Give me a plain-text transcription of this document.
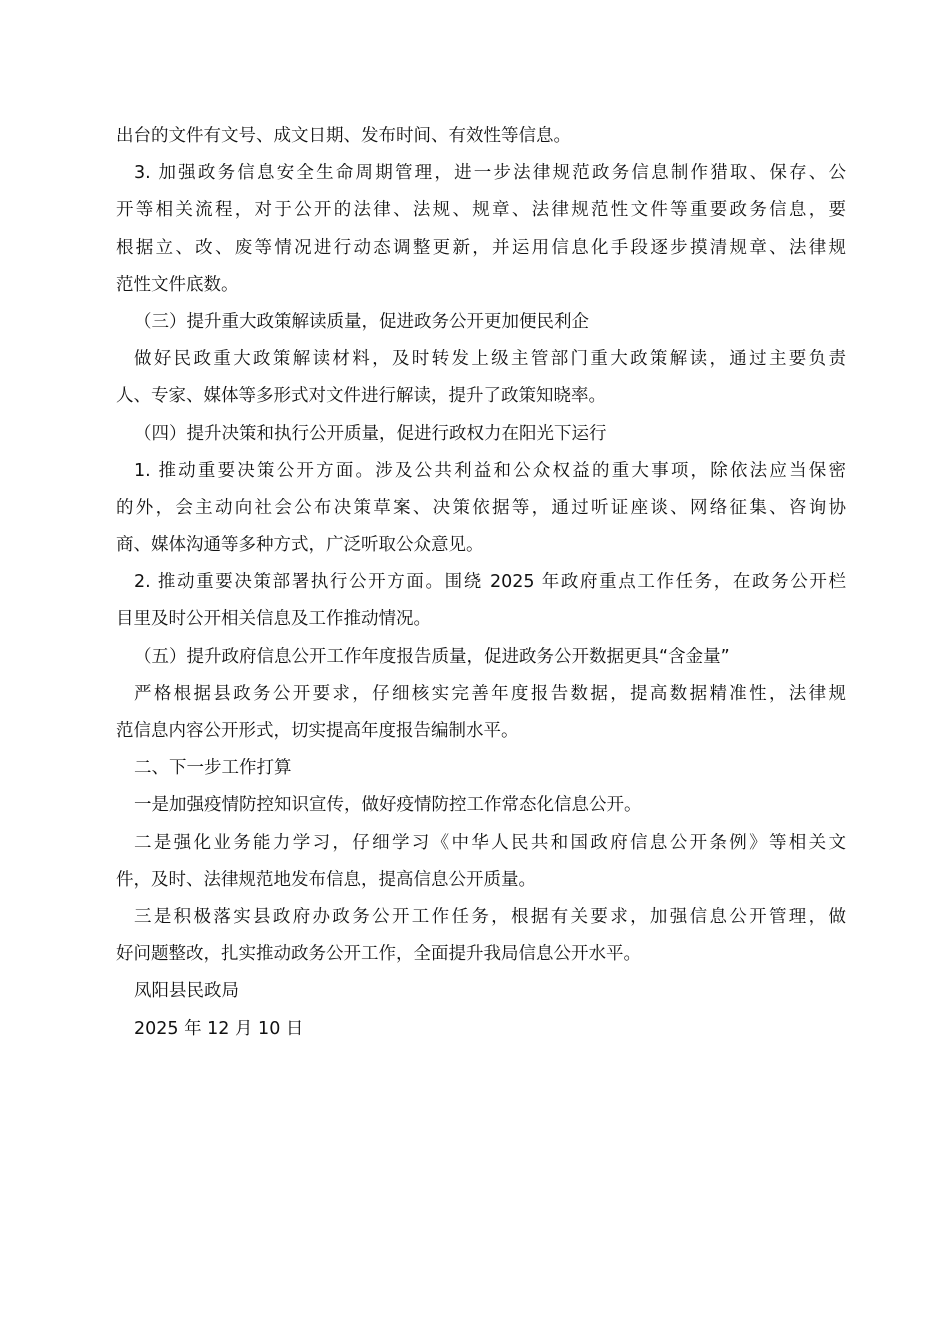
出台的文件有文号、成文日期、发布时间、有效性等信息。
3. 加强政务信息安全生命周期管理，进一步法律规范政务信息制作猎取、保存、公
开等相关流程，对于公开的法律、法规、规章、法律规范性文件等重要政务信息，要
根据立、改、废等情况进行动态调整更新，并运用信息化手段逐步摸清规章、法律规
范性文件底数。
（三）提升重大政策解读质量，促进政务公开更加便民利企
做好民政重大政策解读材料，及时转发上级主管部门重大政策解读，通过主要负责
人、专家、媒体等多形式对文件进行解读，提升了政策知晓率。
（四）提升决策和执行公开质量，促进行政权力在阳光下运行
1. 推动重要决策公开方面。涉及公共利益和公众权益的重大事项，除依法应当保密
的外，会主动向社会公布决策草案、决策依据等，通过听证座谈、网络征集、咨询协
商、媒体沟通等多种方式，广泛听取公众意见。
2. 推动重要决策部署执行公开方面。围绕 2025 年政府重点工作任务，在政务公开栏
目里及时公开相关信息及工作推动情况。
（五）提升政府信息公开工作年度报告质量，促进政务公开数据更具“含金量”
严格根据县政务公开要求，仔细核实完善年度报告数据，提高数据精准性，法律规
范信息内容公开形式，切实提高年度报告编制水平。
二、下一步工作打算
一是加强疫情防控知识宣传，做好疫情防控工作常态化信息公开。
二是强化业务能力学习，仔细学习《中华人民共和国政府信息公开条例》等相关文
件，及时、法律规范地发布信息，提高信息公开质量。
三是积极落实县政府办政务公开工作任务，根据有关要求，加强信息公开管理，做
好问题整改，扎实推动政务公开工作，全面提升我局信息公开水平。
凤阳县民政局
2025 年 12 月 10 日
